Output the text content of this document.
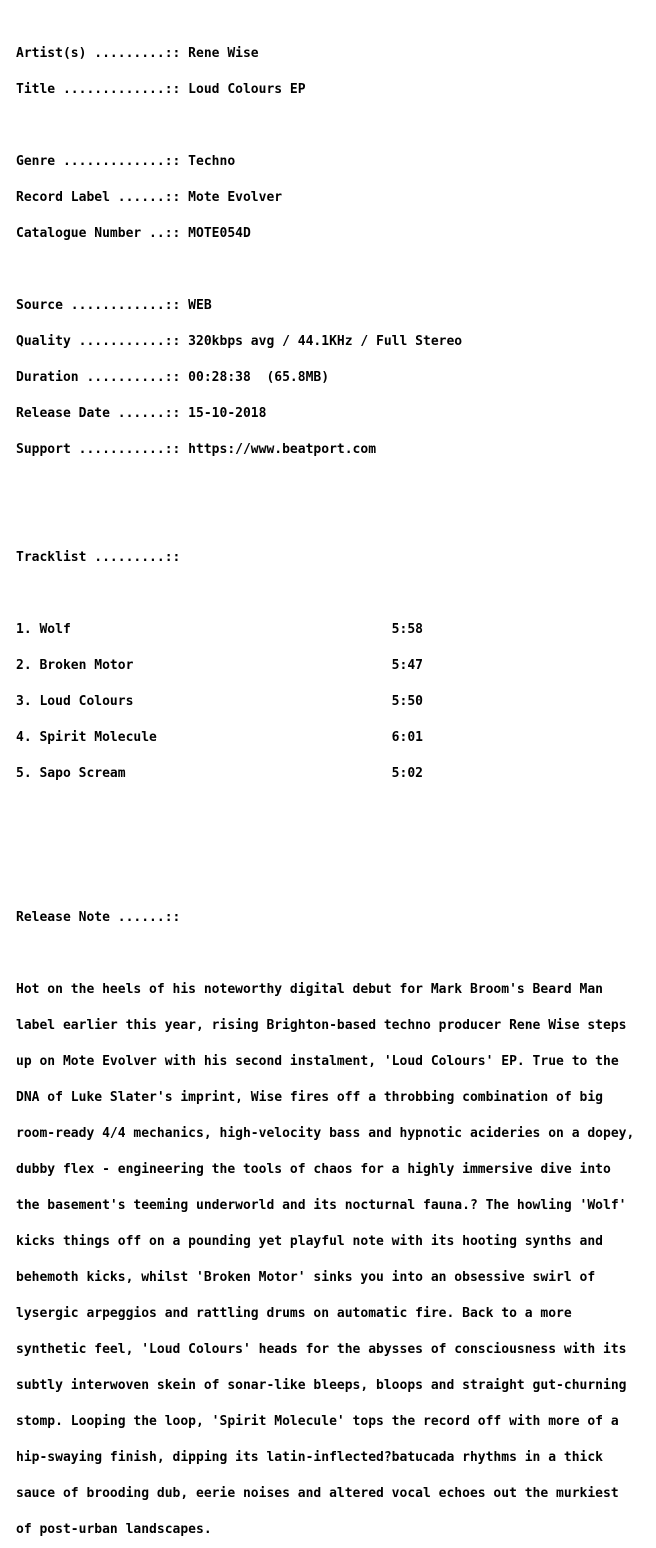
Artist(s) .........:: Rene Wise

Title .............:: Loud Colours EP

Genre .............:: Techno

Record Label ......:: Mote Evolver

Catalogue Number ..:: MOTE054D

Source ............:: WEB

Quality ...........:: 320kbps avg / 44.1KHz / Full Stereo

Duration ..........:: 00:28:38  (65.8MB)

Release Date ......:: 15-10-2018

Support ...........:: https://www.beatport.com

Tracklist .........::

1. Wolf                                         5:58

2. Broken Motor                                 5:47

3. Loud Colours                                 5:50

4. Spirit Molecule                              6:01

5. Sapo Scream                                  5:02

Release Note ......::

Hot on the heels of his noteworthy digital debut for Mark Broom's Beard Man

label earlier this year, rising Brighton-based techno producer Rene Wise steps

up on Mote Evolver with his second instalment, 'Loud Colours' EP. True to the

DNA of Luke Slater's imprint, Wise fires off a throbbing combination of big

room-ready 4/4 mechanics, high-velocity bass and hypnotic acideries on a dopey,

dubby flex - engineering the tools of chaos for a highly immersive dive into

the basement's teeming underworld and its nocturnal fauna.? The howling 'Wolf'

kicks things off on a pounding yet playful note with its hooting synths and

behemoth kicks, whilst 'Broken Motor' sinks you into an obsessive swirl of

lysergic arpeggios and rattling drums on automatic fire. Back to a more

synthetic feel, 'Loud Colours' heads for the abysses of consciousness with its

subtly interwoven skein of sonar-like bleeps, bloops and straight gut-churning

stomp. Looping the loop, 'Spirit Molecule' tops the record off with more of a

hip-swaying finish, dipping its latin-inflected?batucada rhythms in a thick

sauce of brooding dub, eerie noises and altered vocal echoes out the murkiest

of post-urban landscapes.
